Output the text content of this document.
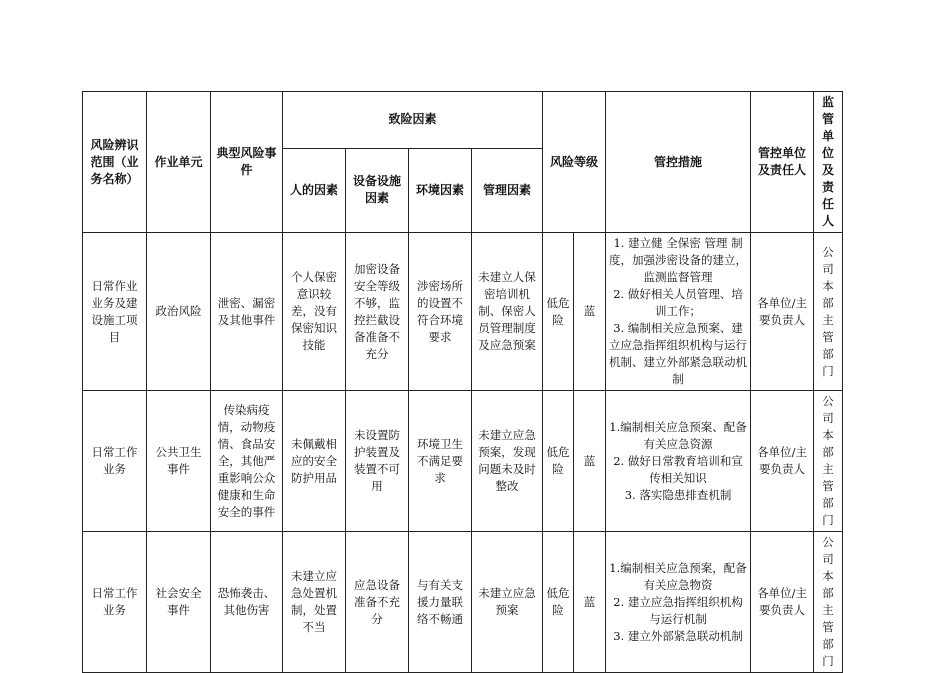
风险辨识范围（业务名称）	作业单元	典型风险事件	致险因素				风险等级		管控措施	管控单位及责任人	监管单位及责任人
			人的因素	设备设施因素	环境因素	管理因素					
日常作业业务及建设施工项目	政治风险	泄密、漏密及其他事件	个人保密意识较差，没有保密知识技能	加密设备安全等级不够，监控拦截设备准备不充分	涉密场所的设置不符合环境要求	未建立人保密培训机制、保密人员管理制度及应急预案	低危险	蓝	1. 建立健 全保密 管理 制度，加强涉密设备的建立，监测监督管理
2. 做好相关人员管理、培训工作；
3. 编制相关应急预案、建立应急指挥组织机构与运行机制、建立外部紧急联动机制	各单位/主要负责人	公司本部主管部门
日常工作业务	公共卫生事件	传染病疫情，动物疫情、食品安全，其他严重影响公众健康和生命安全的事件	未佩戴相应的安全防护用品	未设置防护装置及装置不可用	环境卫生不满足要求	未建立应急预案，发现问题未及时整改	低危险	蓝	1.编制相关应急预案、配备有关应急资源
2. 做好日常教育培训和宣传相关知识
3. 落实隐患排查机制	各单位/主要负责人	公司本部主管部门
日常工作业务	社会安全事件	恐怖袭击、其他伤害	未建立应急处置机制，处置不当	应急设备准备不充分	与有关支援力量联络不畅通	未建立应急预案	低危险	蓝	1.编制相关应急预案，配备有关应急物资
2. 建立应急指挥组织机构与运行机制
3. 建立外部紧急联动机制	各单位/主要负责人	公司本部主管部门
